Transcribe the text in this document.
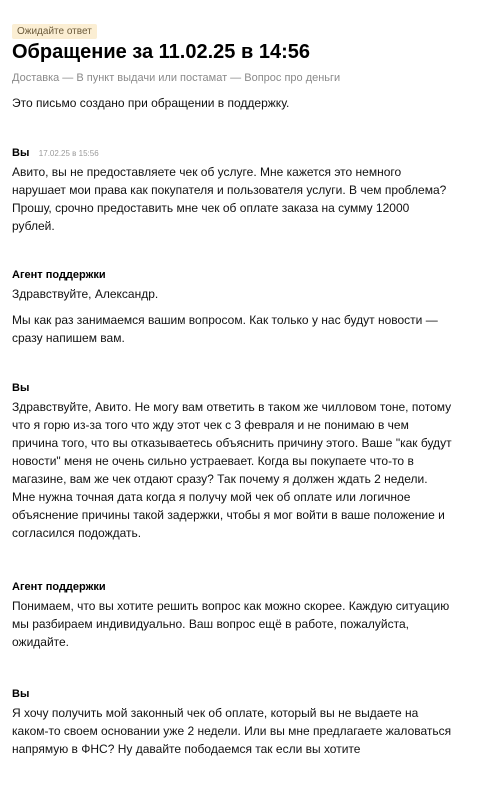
Ожидайте ответ
Обращение за 11.02.25 в 14:56
Доставка — В пункт выдачи или постамат — Вопрос про деньги
Это письмо создано при обращении в поддержку.
Вы 17.02.25 в 15:56

Авито, вы не предоставляете чек об услуге. Мне кажется это немного нарушает мои права как покупателя и пользователя услуги. В чем проблема? Прошу, срочно предоставить мне чек об оплате заказа на сумму 12000 рублей.

Агент поддержки

Здравствуйте, Александр.

Мы как раз занимаемся вашим вопросом. Как только у нас будут новости — сразу напишем вам.

Вы

Здравствуйте, Авито. Не могу вам ответить в таком же чилловом тоне, потому что я горю из-за того что жду этот чек с 3 февраля и не понимаю в чем причина того, что вы отказываетесь объяснить причину этого. Ваше "как будут новости" меня не очень сильно устраевает. Когда вы покупаете что-то в магазине, вам же чек отдают сразу? Так почему я должен ждать 2 недели. Мне нужна точная дата когда я получу мой чек об оплате или логичное объяснение причины такой задержки, чтобы я мог войти в ваше положение и согласился подождать.

Агент поддержки

Понимаем, что вы хотите решить вопрос как можно скорее. Каждую ситуацию мы разбираем индивидуально. Ваш вопрос ещё в работе, пожалуйста, ожидайте.

Вы

Я хочу получить мой законный чек об оплате, который вы не выдаете на каком-то своем основании уже 2 недели. Или вы мне предлагаете жаловаться напрямую в ФНС? Ну давайте пободаемся так если вы хотите
